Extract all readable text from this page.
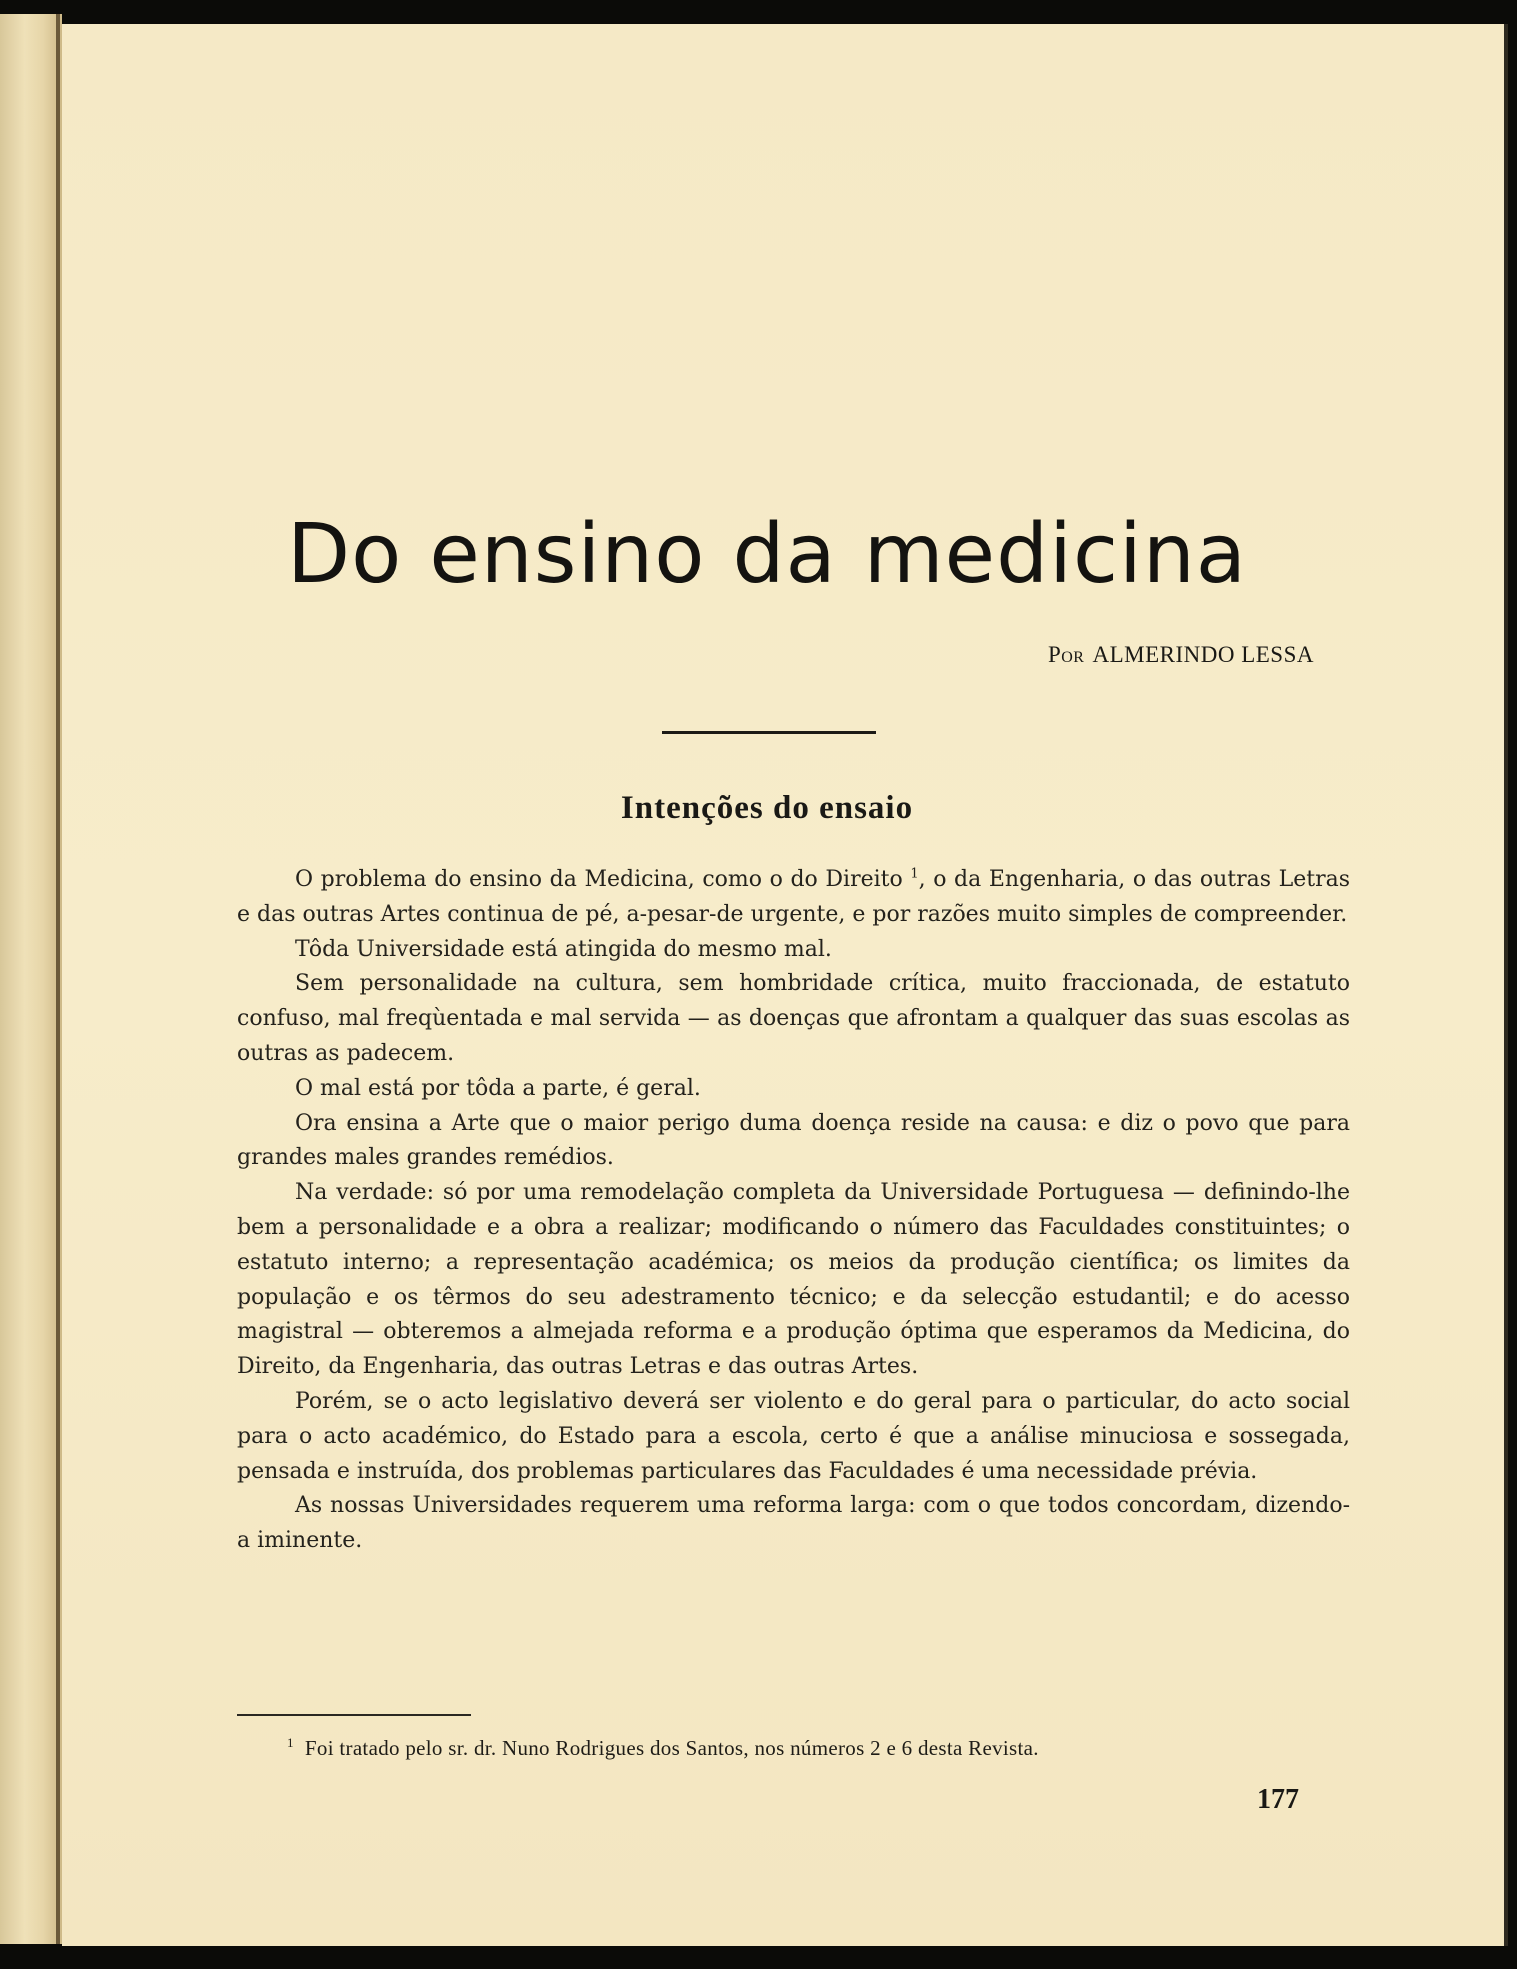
Do ensino da medicina
Por ALMERINDO LESSA
Intenções do ensaio

O problema do ensino da Medicina, como o do Direito $^1$, o da Engenharia, o das outras Letras e das outras Artes continua de pé, a-pesar-de urgente, e por razões muito simples de compreender.

Tôda Universidade está atingida do mesmo mal.

Sem personalidade na cultura, sem hombridade crítica, muito fraccionada, de estatuto confuso, mal freqùentada e mal servida — as doenças que afrontam a qualquer das suas escolas as outras as padecem.

O mal está por tôda a parte, é geral.

Ora ensina a Arte que o maior perigo duma doença reside na causa: e diz o povo que para grandes males grandes remédios.

Na verdade: só por uma remodelação completa da Universidade Portuguesa — definindo-lhe bem a personalidade e a obra a realizar; modificando o número das Faculdades constituintes; o estatuto interno; a representação académica; os meios da produção científica; os limites da população e os têrmos do seu adestramento técnico; e da selecção estudantil; e do acesso magistral — obteremos a almejada reforma e a produção óptima que esperamos da Medicina, do Direito, da Engenharia, das outras Letras e das outras Artes.

Porém, se o acto legislativo deverá ser violento e do geral para o particular, do acto social para o acto académico, do Estado para a escola, certo é que a análise minuciosa e sossegada, pensada e instruída, dos problemas particulares das Faculdades é uma necessidade prévia.

As nossas Universidades requerem uma reforma larga: com o que todos concordam, dizendo-a iminente.

$^1$ Foi tratado pelo sr. dr. Nuno Rodrigues dos Santos, nos números 2 e 6 desta Revista.
177
